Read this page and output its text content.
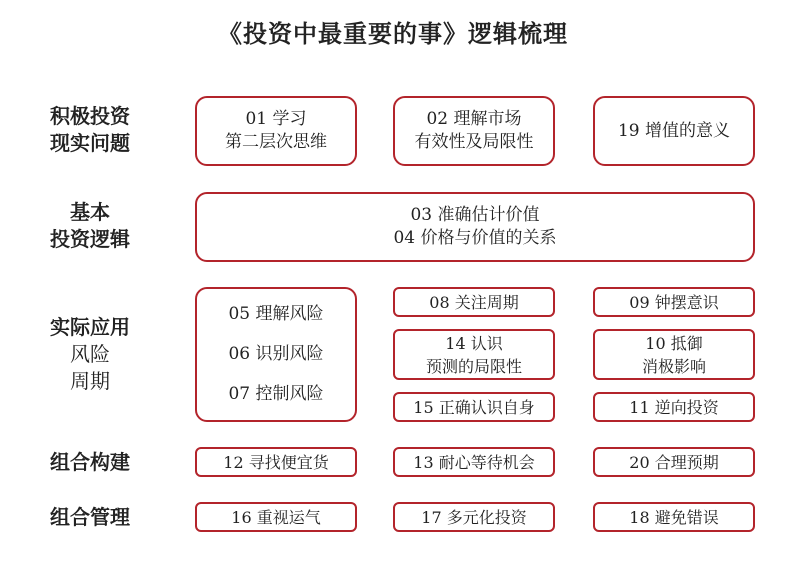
《投资中最重要的事》逻辑梳理
积极投资
现实问题
基本
投资逻辑
实际应用
风险
周期
组合构建
组合管理
01 学习
第二层次思维
02 理解市场
有效性及局限性
19 增值的意义
03 准确估计价值
04 价格与价值的关系
05 理解风险
06 识别风险
07 控制风险
08 关注周期	09 钟摆意识
14 认识
预测的局限性
10 抵御
消极影响
15 正确认识自身	11 逆向投资
12 寻找便宜货	13 耐心等待机会	20 合理预期
16 重视运气	17 多元化投资	18 避免错误
